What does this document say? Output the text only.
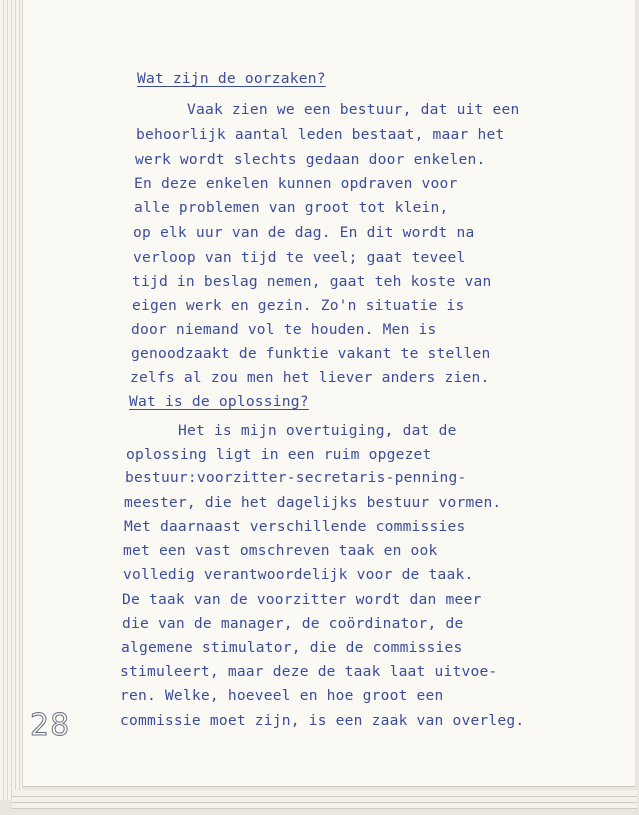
Wat zijn de oorzaken?
Vaak zien we een bestuur, dat uit een
behoorlijk aantal leden bestaat, maar het
werk wordt slechts gedaan door enkelen.
En deze enkelen kunnen opdraven voor
alle problemen van groot tot klein,
op elk uur van de dag. En dit wordt na
verloop van tijd te veel; gaat teveel
tijd in beslag nemen, gaat teh koste van
eigen werk en gezin. Zo'n situatie is
door niemand vol te houden. Men is
genoodzaakt de funktie vakant te stellen
zelfs al zou men het liever anders zien.
Wat is de oplossing?
Het is mijn overtuiging, dat de
oplossing ligt in een ruim opgezet
bestuur:voorzitter-secretaris-penning-
meester, die het dagelijks bestuur vormen.
Met daarnaast verschillende commissies
met een vast omschreven taak en ook
volledig verantwoordelijk voor de taak.
De taak van de voorzitter wordt dan meer
die van de manager, de coördinator, de
algemene stimulator, die de commissies
stimuleert, maar deze de taak laat uitvoe-
ren. Welke, hoeveel en hoe groot een
commissie moet zijn, is een zaak van overleg.
28
